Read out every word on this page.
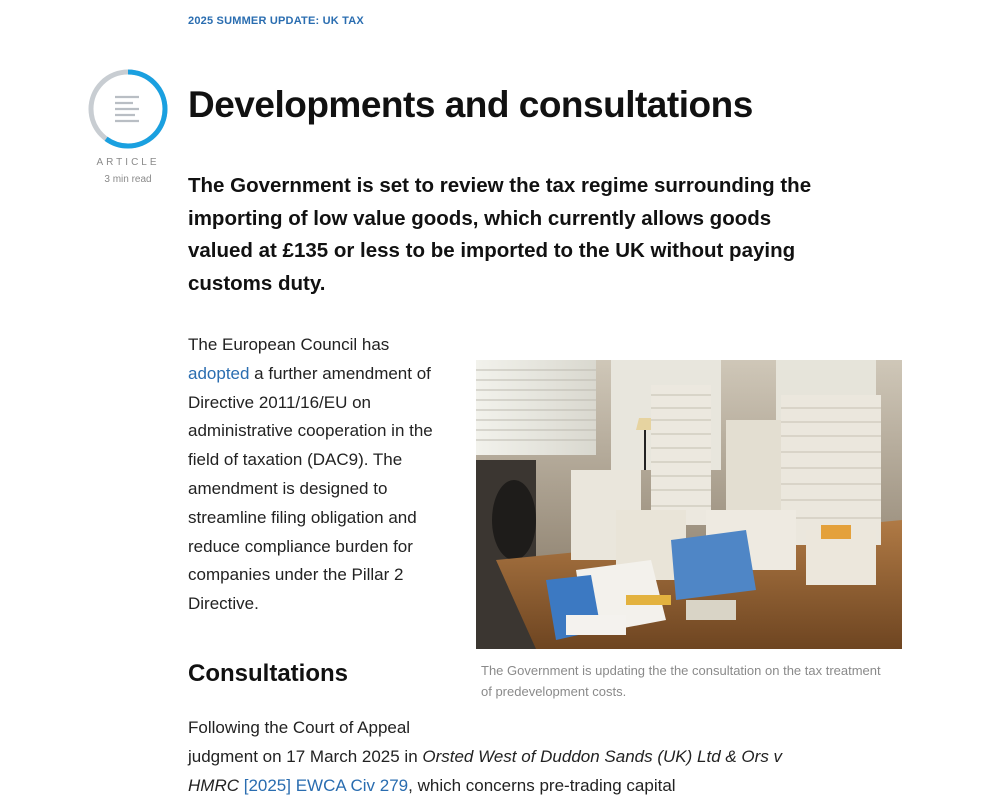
2025 SUMMER UPDATE: UK TAX
ARTICLE
3 min read
Developments and consultations

The Government is set to review the tax regime surrounding the importing of low value goods, which currently allows goods valued at £135 or less to be imported to the UK without paying customs duty.

The European Council has adopted a further amendment of Directive 2011/16/EU on administrative cooperation in the field of taxation (DAC9). The amendment is designed to streamline filing obligation and reduce compliance burden for companies under the Pillar 2 Directive.

The Government is updating the the consultation on the tax treatment of predevelopment costs.

Consultations

Following the Court of Appeal
judgment on 17 March 2025 in Orsted West of Duddon Sands (UK) Ltd & Ors v HMRC [2025] EWCA Civ 279, which concerns pre-trading capital
